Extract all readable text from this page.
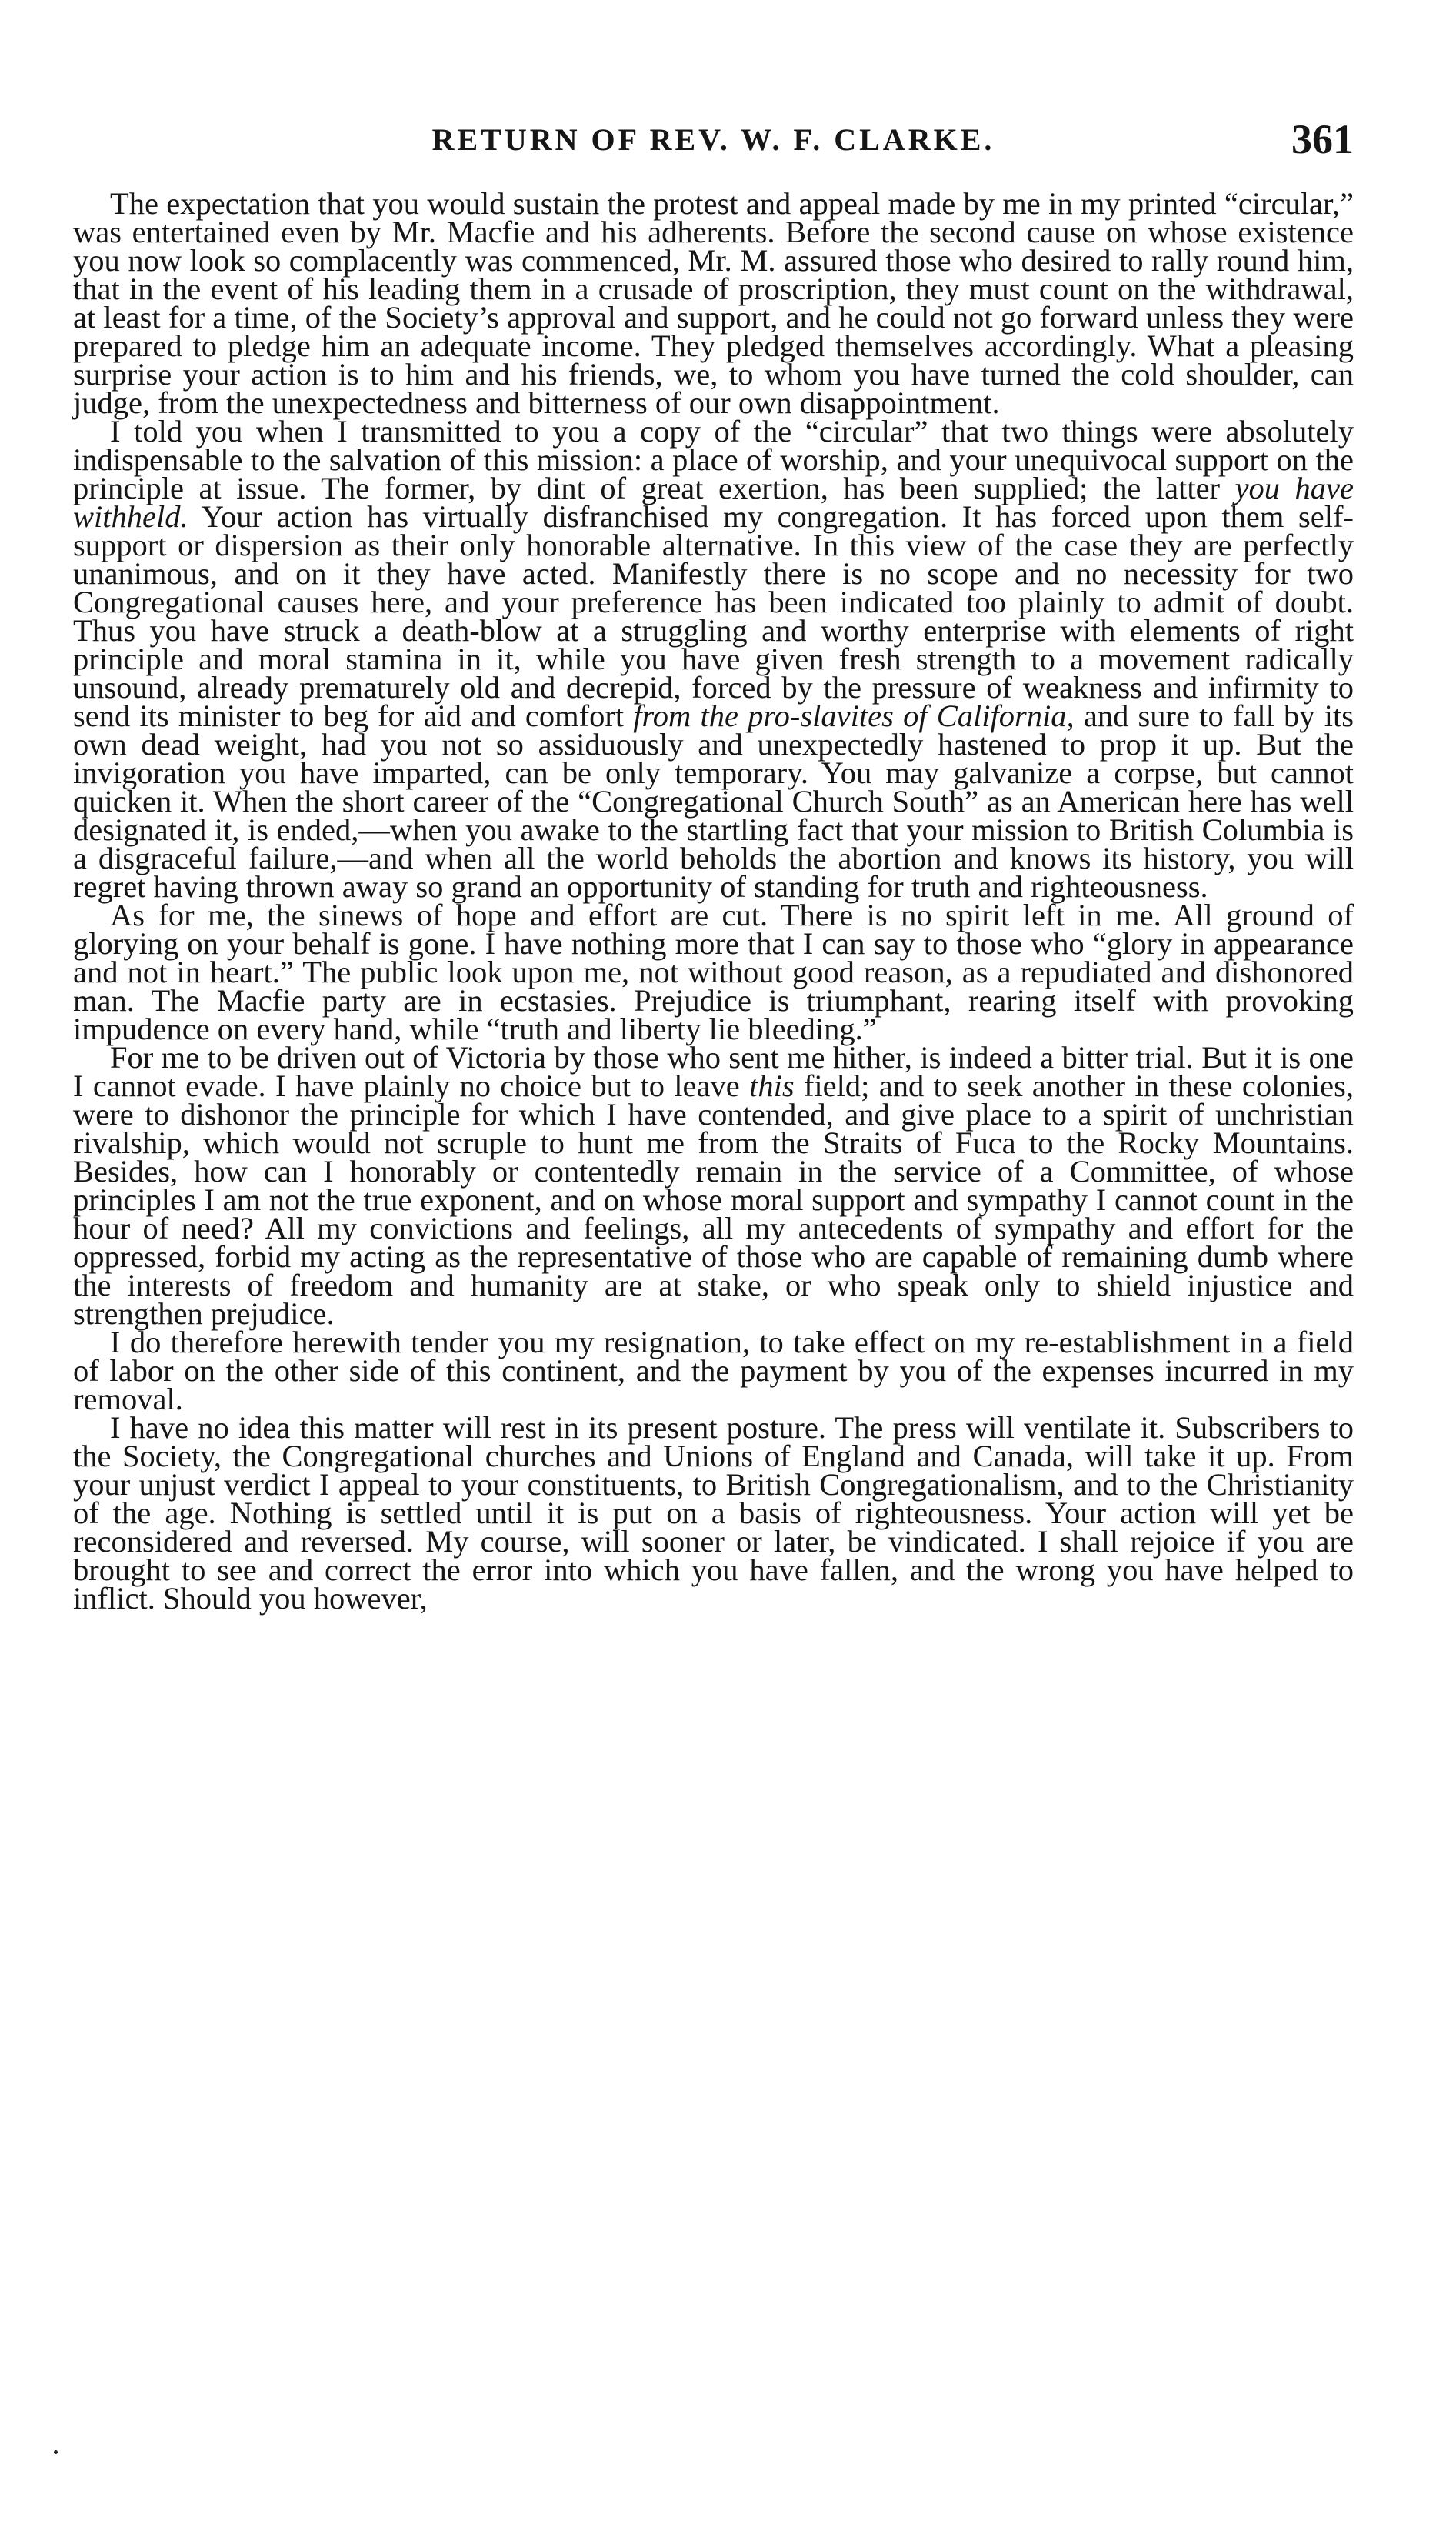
RETURN OF REV. W. F. CLARKE.	361

The expectation that you would sustain the protest and appeal made by me in my printed “circular,” was entertained even by Mr. Macfie and his adherents. Before the second cause on whose existence you now look so complacently was commenced, Mr. M. assured those who desired to rally round him, that in the event of his leading them in a crusade of proscription, they must count on the withdrawal, at least for a time, of the Society’s approval and support, and he could not go forward unless they were prepared to pledge him an adequate income. They pledged themselves accordingly. What a pleasing surprise your action is to him and his friends, we, to whom you have turned the cold shoulder, can judge, from the unexpectedness and bitterness of our own disappointment.

I told you when I transmitted to you a copy of the “circular” that two things were absolutely indispensable to the salvation of this mission: a place of worship, and your unequivocal support on the principle at issue. The former, by dint of great exertion, has been supplied; the latter you have withheld. Your action has virtually disfranchised my congregation. It has forced upon them self-support or dispersion as their only honorable alternative. In this view of the case they are perfectly unanimous, and on it they have acted. Manifestly there is no scope and no necessity for two Congregational causes here, and your preference has been indicated too plainly to admit of doubt. Thus you have struck a death-blow at a struggling and worthy enterprise with elements of right principle and moral stamina in it, while you have given fresh strength to a movement radically unsound, already prematurely old and decrepid, forced by the pressure of weakness and infirmity to send its minister to beg for aid and comfort from the pro-slavites of California, and sure to fall by its own dead weight, had you not so assiduously and unexpectedly hastened to prop it up. But the invigoration you have imparted, can be only temporary. You may galvanize a corpse, but cannot quicken it. When the short career of the “Congregational Church South” as an American here has well designated it, is ended,—when you awake to the startling fact that your mission to British Columbia is a disgraceful failure,—and when all the world beholds the abortion and knows its history, you will regret having thrown away so grand an opportunity of standing for truth and righteousness.

As for me, the sinews of hope and effort are cut. There is no spirit left in me. All ground of glorying on your behalf is gone. I have nothing more that I can say to those who “glory in appearance and not in heart.” The public look upon me, not without good reason, as a repudiated and dishonored man. The Macfie party are in ecstasies. Prejudice is triumphant, rearing itself with provoking impudence on every hand, while “truth and liberty lie bleeding.”

For me to be driven out of Victoria by those who sent me hither, is indeed a bitter trial. But it is one I cannot evade. I have plainly no choice but to leave this field; and to seek another in these colonies, were to dishonor the principle for which I have contended, and give place to a spirit of unchristian rivalship, which would not scruple to hunt me from the Straits of Fuca to the Rocky Mountains. Besides, how can I honorably or contentedly remain in the service of a Committee, of whose principles I am not the true exponent, and on whose moral support and sympathy I cannot count in the hour of need? All my convictions and feelings, all my antecedents of sympathy and effort for the oppressed, forbid my acting as the representative of those who are capable of remaining dumb where the interests of freedom and humanity are at stake, or who speak only to shield injustice and strengthen prejudice.

I do therefore herewith tender you my resignation, to take effect on my re-establishment in a field of labor on the other side of this continent, and the payment by you of the expenses incurred in my removal.

I have no idea this matter will rest in its present posture. The press will ventilate it. Subscribers to the Society, the Congregational churches and Unions of England and Canada, will take it up. From your unjust verdict I appeal to your constituents, to British Congregationalism, and to the Christianity of the age. Nothing is settled until it is put on a basis of righteousness. Your action will yet be reconsidered and reversed. My course, will sooner or later, be vindicated. I shall rejoice if you are brought to see and correct the error into which you have fallen, and the wrong you have helped to inflict. Should you however,
